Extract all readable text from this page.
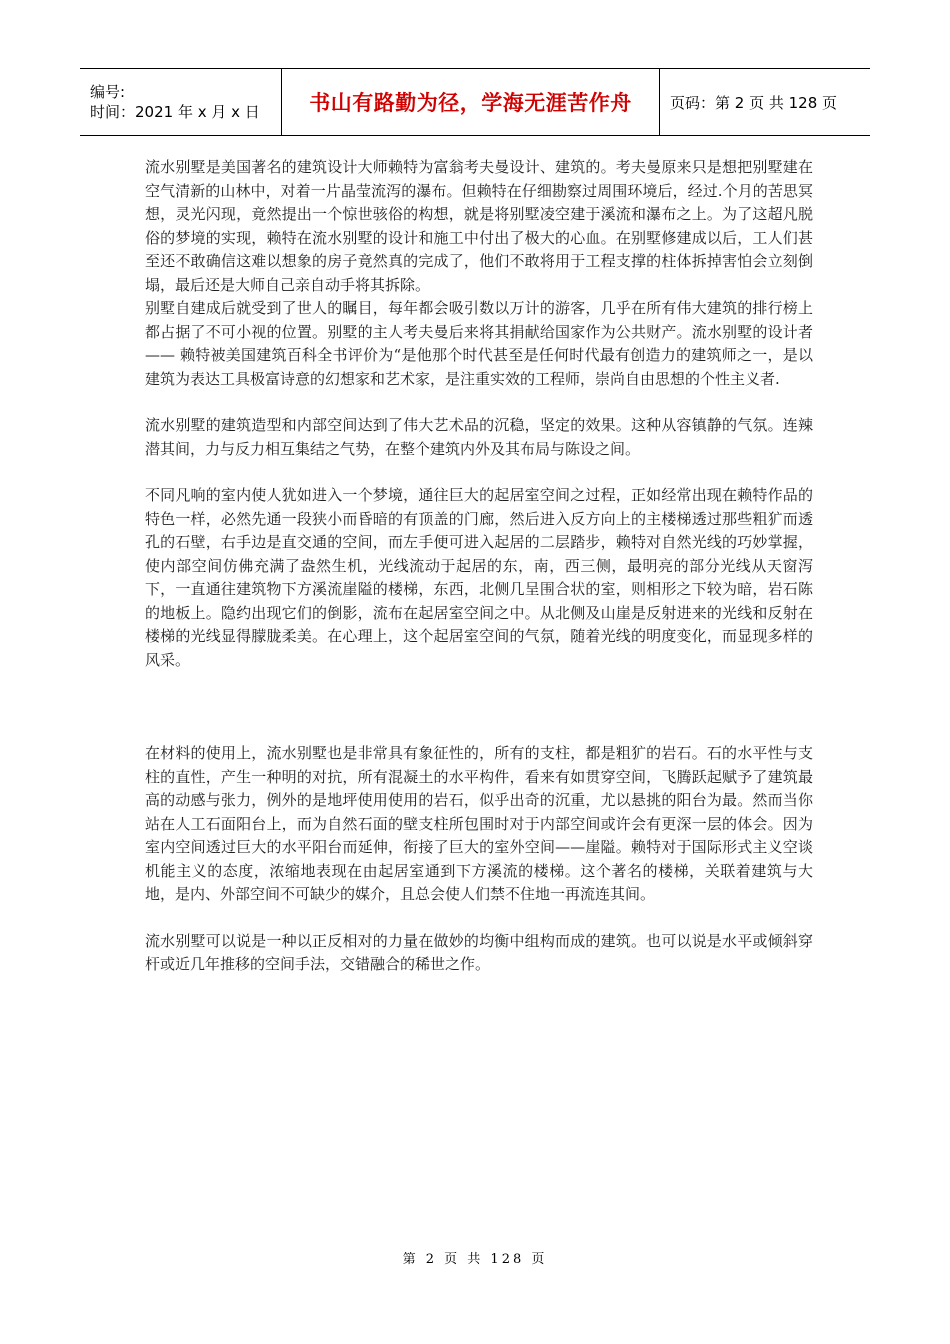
编号:
时间：2021 年 x 月 x 日	书山有路勤为径，学海无涯苦作舟	页码：第 2 页 共 128 页

流水别墅是美国著名的建筑设计大师赖特为富翁考夫曼设计、建筑的。考夫曼原来只是想把别墅建在空气清新的山林中，对着一片晶莹流泻的瀑布。但赖特在仔细勘察过周围环境后，经过.个月的苦思冥想，灵光闪现，竟然提出一个惊世骇俗的构想，就是将别墅凌空建于溪流和瀑布之上。为了这超凡脱俗的梦境的实现，赖特在流水别墅的设计和施工中付出了极大的心血。在别墅修建成以后，工人们甚至还不敢确信这难以想象的房子竟然真的完成了，他们不敢将用于工程支撑的柱体拆掉害怕会立刻倒塌，最后还是大师自己亲自动手将其拆除。

别墅自建成后就受到了世人的瞩目，每年都会吸引数以万计的游客，几乎在所有伟大建筑的排行榜上都占据了不可小视的位置。别墅的主人考夫曼后来将其捐献给国家作为公共财产。流水别墅的设计者—— 赖特被美国建筑百科全书评价为“是他那个时代甚至是任何时代最有创造力的建筑师之一，是以建筑为表达工具极富诗意的幻想家和艺术家，是注重实效的工程师，崇尚自由思想的个性主义者.

流水别墅的建筑造型和内部空间达到了伟大艺术品的沉稳，坚定的效果。这种从容镇静的气氛。连辣潜其间，力与反力相互集结之气势，在整个建筑内外及其布局与陈设之间。

不同凡响的室内使人犹如进入一个梦境，通往巨大的起居室空间之过程，正如经常出现在赖特作品的特色一样，必然先通一段狭小而昏暗的有顶盖的门廊，然后进入反方向上的主楼梯透过那些粗犷而透孔的石壁，右手边是直交通的空间，而左手便可进入起居的二层踏步，赖特对自然光线的巧妙掌握，使内部空间仿佛充满了盎然生机，光线流动于起居的东，南，西三侧，最明亮的部分光线从天窗泻下，一直通往建筑物下方溪流崖隘的楼梯，东西，北侧几呈围合状的室，则相形之下较为暗，岩石陈的地板上。隐约出现它们的倒影，流布在起居室空间之中。从北侧及山崖是反射进来的光线和反射在楼梯的光线显得朦胧柔美。在心理上，这个起居室空间的气氛，随着光线的明度变化，而显现多样的风采。

在材料的使用上，流水别墅也是非常具有象征性的，所有的支柱，都是粗犷的岩石。石的水平性与支柱的直性，产生一种明的对抗，所有混凝土的水平构件，看来有如贯穿空间，飞腾跃起赋予了建筑最高的动感与张力，例外的是地坪使用使用的岩石，似乎出奇的沉重，尤以悬挑的阳台为最。然而当你站在人工石面阳台上，而为自然石面的壁支柱所包围时对于内部空间或许会有更深一层的体会。因为室内空间透过巨大的水平阳台而延伸，衔接了巨大的室外空间——崖隘。赖特对于国际形式主义空谈机能主义的态度，浓缩地表现在由起居室通到下方溪流的楼梯。这个著名的楼梯，关联着建筑与大地，是内、外部空间不可缺少的媒介，且总会使人们禁不住地一再流连其间。

流水别墅可以说是一种以正反相对的力量在做妙的均衡中组构而成的建筑。也可以说是水平或倾斜穿杆或近几年推移的空间手法，交错融合的稀世之作。

第 2 页 共 128 页
